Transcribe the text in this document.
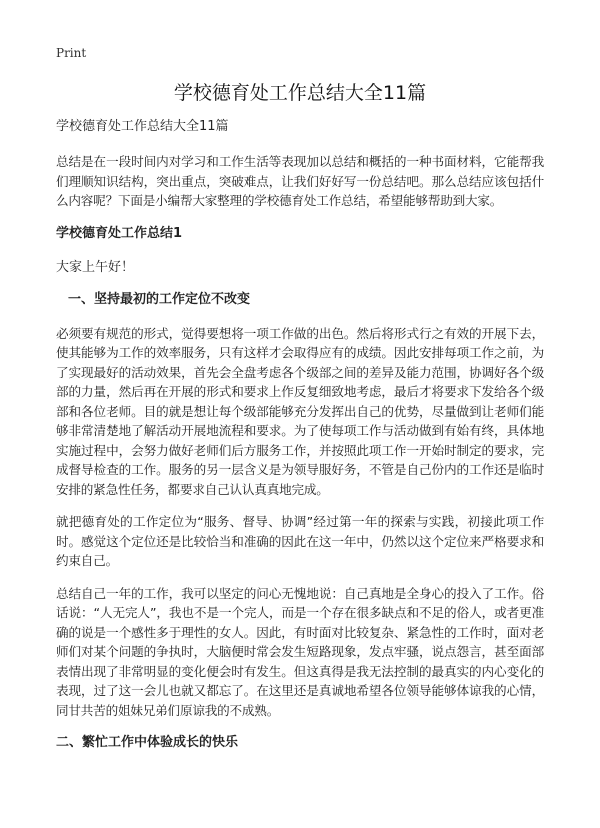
Print
学校德育处工作总结大全11篇
学校德育处工作总结大全11篇

总结是在一段时间内对学习和工作生活等表现加以总结和概括的一种书面材料，它能帮我们理顺知识结构，突出重点，突破难点，让我们好好写一份总结吧。那么总结应该包括什么内容呢？下面是小编帮大家整理的学校德育处工作总结，希望能够帮助到大家。

学校德育处工作总结1
大家上午好！
一、坚持最初的工作定位不改变

必须要有规范的形式，觉得要想将一项工作做的出色。然后将形式行之有效的开展下去，使其能够为工作的效率服务，只有这样才会取得应有的成绩。因此安排每项工作之前，为了实现最好的活动效果，首先会全盘考虑各个级部之间的差异及能力范围，协调好各个级部的力量，然后再在开展的形式和要求上作反复细致地考虑，最后才将要求下发给各个级部和各位老师。目的就是想让每个级部能够充分发挥出自己的优势，尽量做到让老师们能够非常清楚地了解活动开展地流程和要求。为了使每项工作与活动做到有始有终，具体地实施过程中，会努力做好老师们后方服务工作，并按照此项工作一开始时制定的要求，完成督导检查的工作。服务的另一层含义是为领导服好务，不管是自己份内的工作还是临时安排的紧急性任务，都要求自己认认真真地完成。

就把德育处的工作定位为“服务、督导、协调”经过第一年的探索与实践，初接此项工作时。感觉这个定位还是比较恰当和准确的因此在这一年中，仍然以这个定位来严格要求和约束自己。

总结自己一年的工作，我可以坚定的问心无愧地说：自己真地是全身心的投入了工作。俗话说：“人无完人”，我也不是一个完人，而是一个存在很多缺点和不足的俗人，或者更准确的说是一个感性多于理性的女人。因此，有时面对比较复杂、紧急性的工作时，面对老师们对某个问题的争执时，大脑便时常会发生短路现象，发点牢骚，说点怨言，甚至面部表情出现了非常明显的变化便会时有发生。但这真得是我无法控制的最真实的内心变化的表现，过了这一会儿也就又都忘了。在这里还是真诚地希望各位领导能够体谅我的心情，同甘共苦的姐妹兄弟们原谅我的不成熟。

二、繁忙工作中体验成长的快乐
